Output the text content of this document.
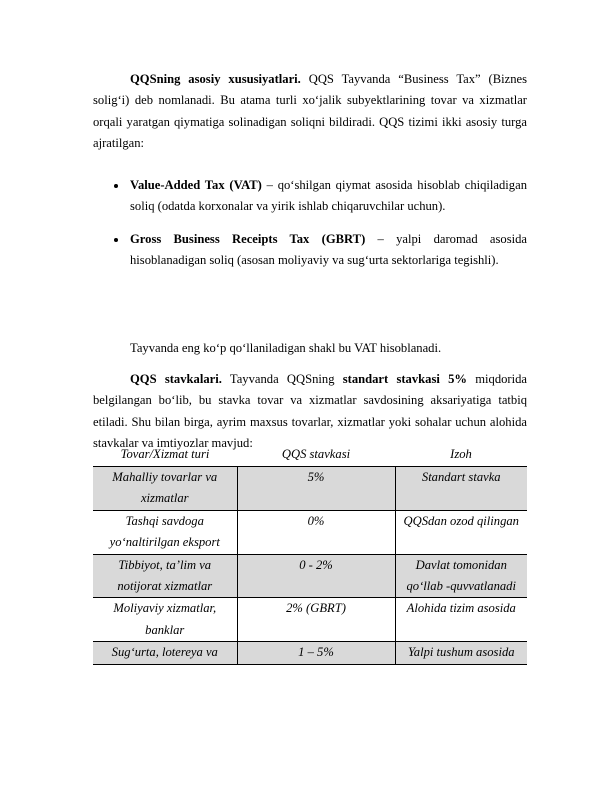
QQSning asosiy xususiyatlari. QQS Tayvanda “Business Tax” (Biznes solig‘i) deb nomlanadi. Bu atama turli xo‘jalik subyektlarining tovar va xizmatlar orqali yaratgan qiymatiga solinadigan soliqni bildiradi. QQS tizimi ikki asosiy turga ajratilgan:

Value-Added Tax (VAT) – qo‘shilgan qiymat asosida hisoblab chiqiladigan soliq (odatda korxonalar va yirik ishlab chiqaruvchilar uchun).
Gross Business Receipts Tax (GBRT) – yalpi daromad asosida hisoblanadigan soliq (asosan moliyaviy va sug‘urta sektorlariga tegishli).

Tayvanda eng ko‘p qo‘llaniladigan shakl bu VAT hisoblanadi.

QQS stavkalari. Tayvanda QQSning standart stavkasi 5% miqdorida belgilangan bo‘lib, bu stavka tovar va xizmatlar savdosining aksariyatiga tatbiq etiladi. Shu bilan birga, ayrim maxsus tovarlar, xizmatlar yoki sohalar uchun alohida stavkalar va imtiyozlar mavjud:

Tovar/Xizmat turi	QQS stavkasi	Izoh
Mahalliy tovarlar va xizmatlar	5%	Standart stavka
Tashqi savdoga yo‘naltirilgan eksport	0%	QQSdan ozod qilingan
Tibbiyot, ta’lim va notijorat xizmatlar	0 - 2%	Davlat tomonidan qo‘llab -quvvatlanadi
Moliyaviy xizmatlar, banklar	2% (GBRT)	Alohida tizim asosida
Sug‘urta, lotereya va	1 – 5%	Yalpi tushum asosida
